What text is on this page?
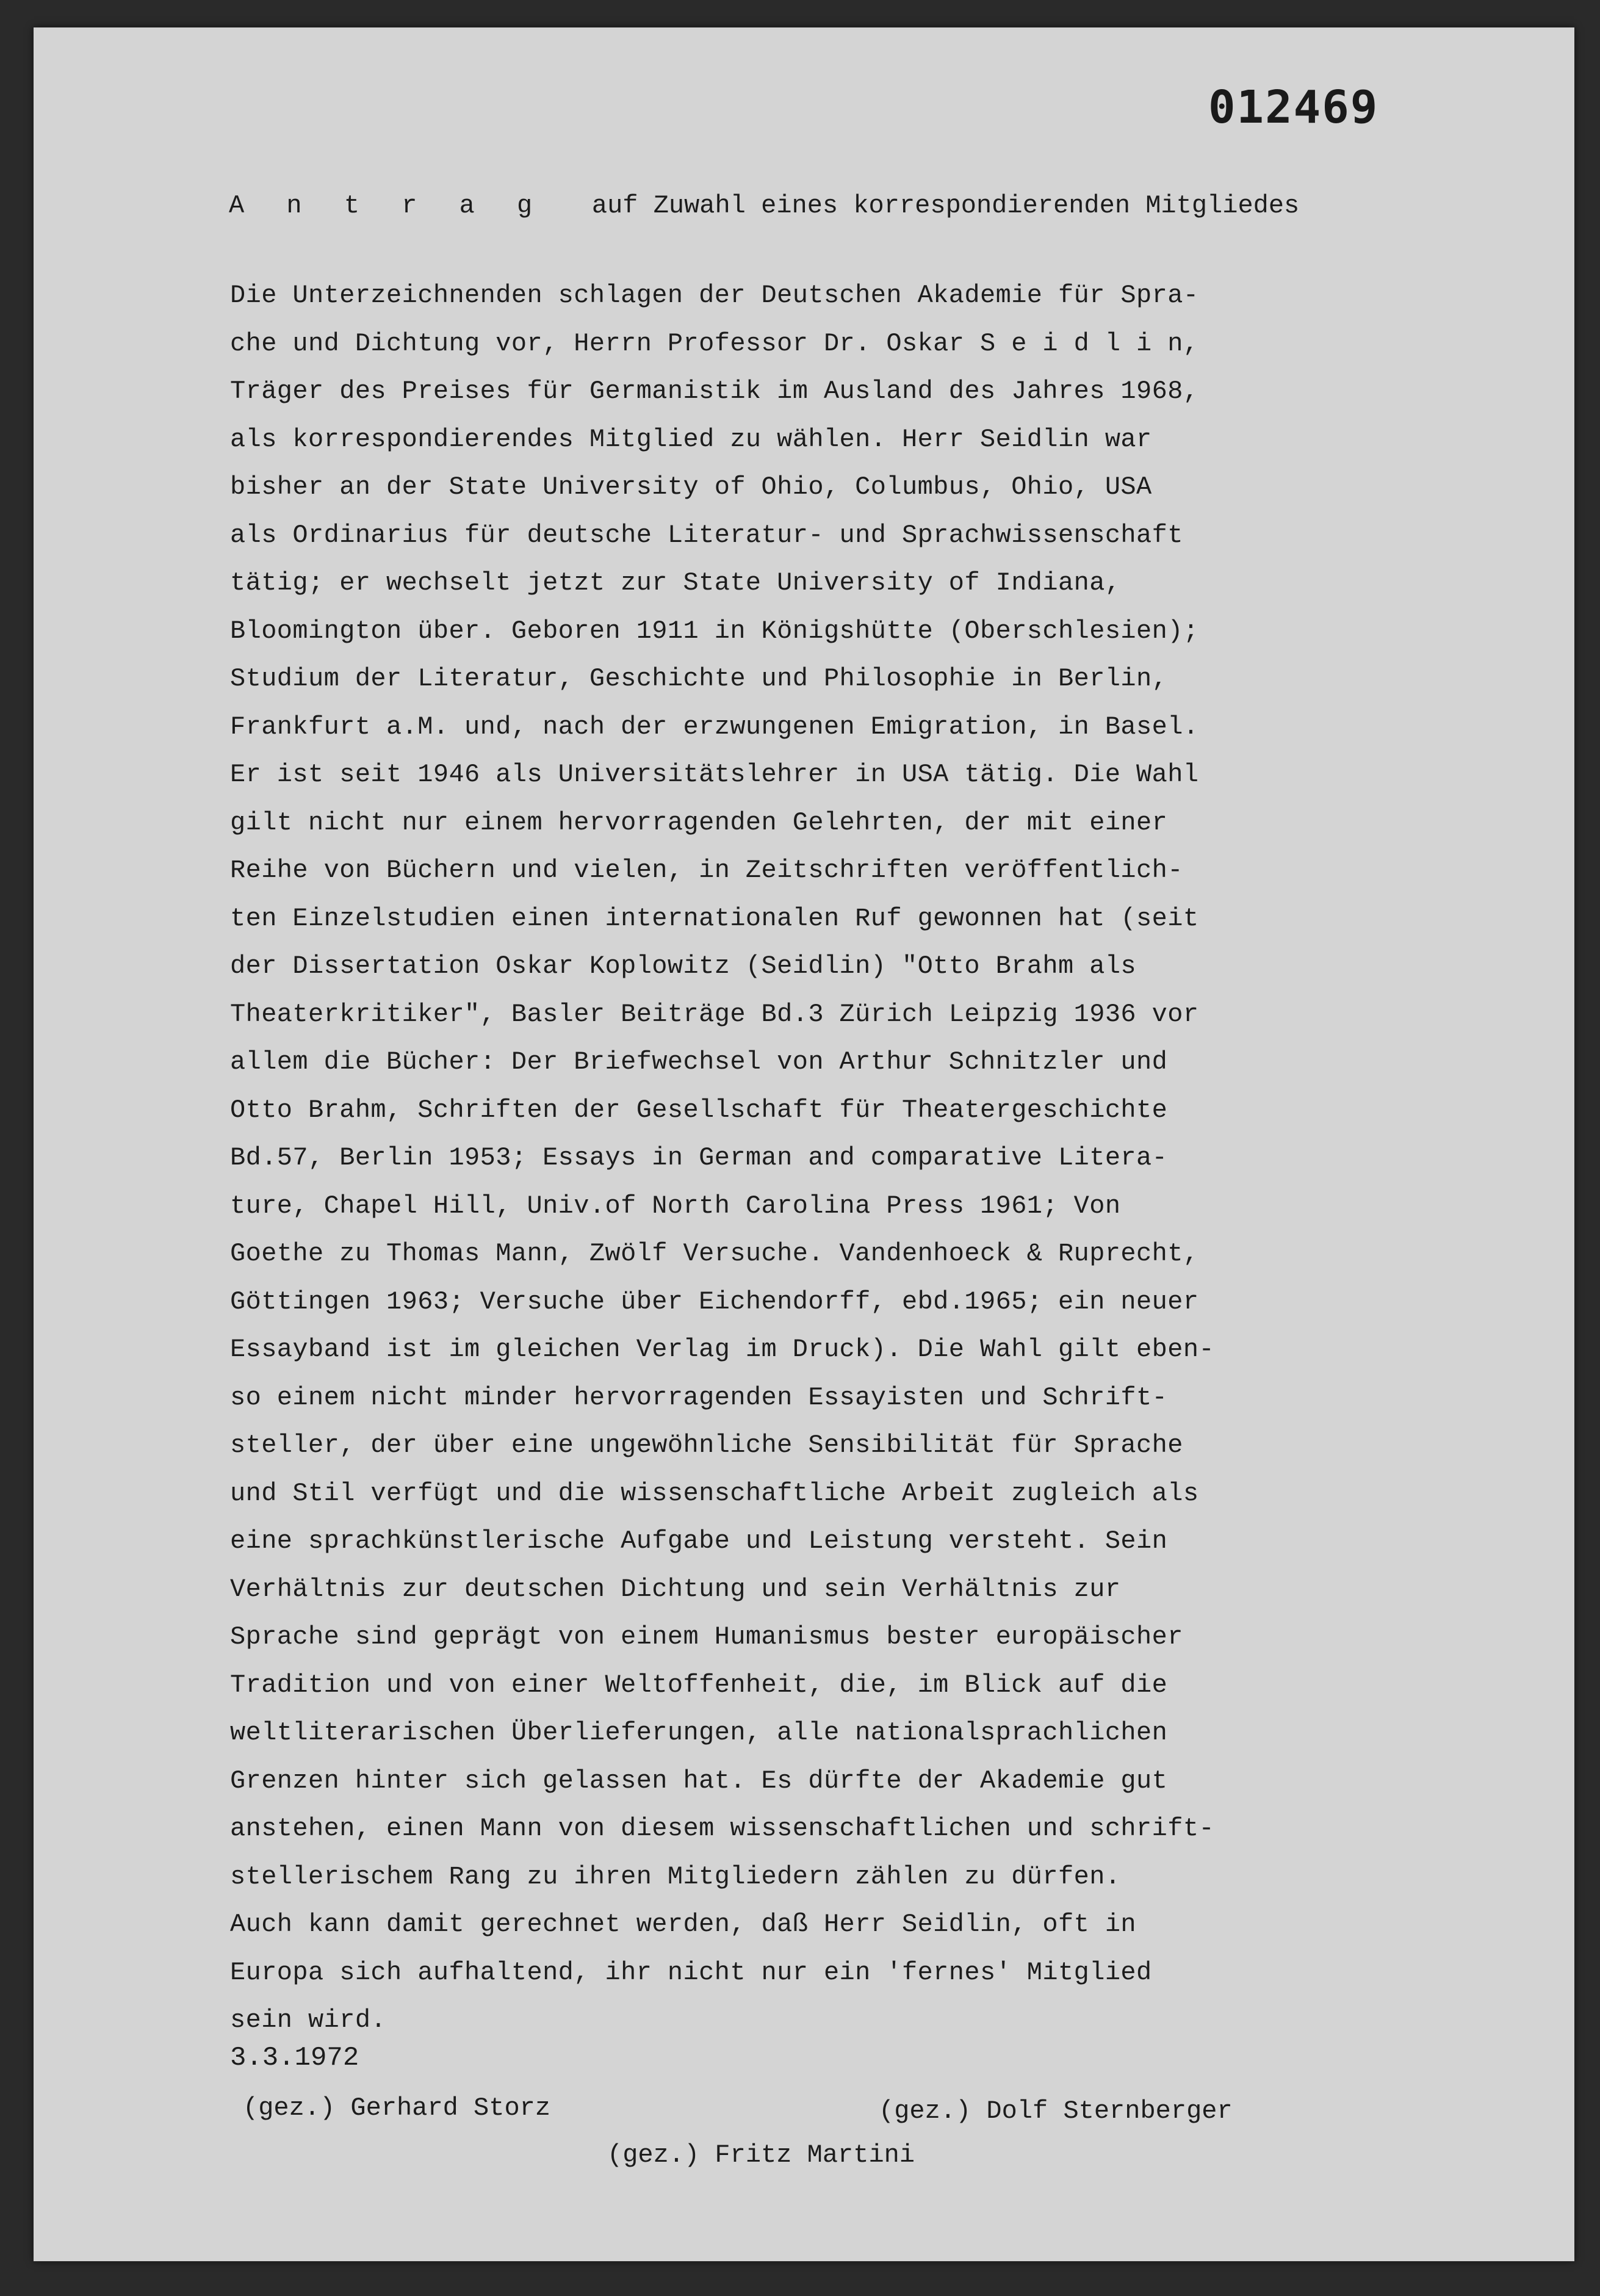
012469
A n t r a g auf Zuwahl eines korrespondierenden Mitgliedes
Die Unterzeichnenden schlagen der Deutschen Akademie für Spra-
che und Dichtung vor, Herrn Professor Dr. Oskar S e i d l i n,
Träger des Preises für Germanistik im Ausland des Jahres 1968,
als korrespondierendes Mitglied zu wählen. Herr Seidlin war
bisher an der State University of Ohio, Columbus, Ohio, USA
als Ordinarius für deutsche Literatur- und Sprachwissenschaft
tätig; er wechselt jetzt zur State University of Indiana,
Bloomington über. Geboren 1911 in Königshütte (Oberschlesien);
Studium der Literatur, Geschichte und Philosophie in Berlin,
Frankfurt a.M. und, nach der erzwungenen Emigration, in Basel.
Er ist seit 1946 als Universitätslehrer in USA tätig. Die Wahl
gilt nicht nur einem hervorragenden Gelehrten, der mit einer
Reihe von Büchern und vielen, in Zeitschriften veröffentlich-
ten Einzelstudien einen internationalen Ruf gewonnen hat (seit
der Dissertation Oskar Koplowitz (Seidlin) "Otto Brahm als
Theaterkritiker", Basler Beiträge Bd.3 Zürich Leipzig 1936 vor
allem die Bücher: Der Briefwechsel von Arthur Schnitzler und
Otto Brahm, Schriften der Gesellschaft für Theatergeschichte
Bd.57, Berlin 1953; Essays in German and comparative Litera-
ture, Chapel Hill, Univ.of North Carolina Press 1961; Von
Goethe zu Thomas Mann, Zwölf Versuche. Vandenhoeck & Ruprecht,
Göttingen 1963; Versuche über Eichendorff, ebd.1965; ein neuer
Essayband ist im gleichen Verlag im Druck). Die Wahl gilt eben-
so einem nicht minder hervorragenden Essayisten und Schrift-
steller, der über eine ungewöhnliche Sensibilität für Sprache
und Stil verfügt und die wissenschaftliche Arbeit zugleich als
eine sprachkünstlerische Aufgabe und Leistung versteht. Sein
Verhältnis zur deutschen Dichtung und sein Verhältnis zur
Sprache sind geprägt von einem Humanismus bester europäischer
Tradition und von einer Weltoffenheit, die, im Blick auf die
weltliterarischen Überlieferungen, alle nationalsprachlichen
Grenzen hinter sich gelassen hat. Es dürfte der Akademie gut
anstehen, einen Mann von diesem wissenschaftlichen und schrift-
stellerischem Rang zu ihren Mitgliedern zählen zu dürfen.
Auch kann damit gerechnet werden, daß Herr Seidlin, oft in
Europa sich aufhaltend, ihr nicht nur ein 'fernes' Mitglied
sein wird.
3.3.1972
(gez.) Gerhard Storz	(gez.) Dolf Sternberger
(gez.) Fritz Martini
